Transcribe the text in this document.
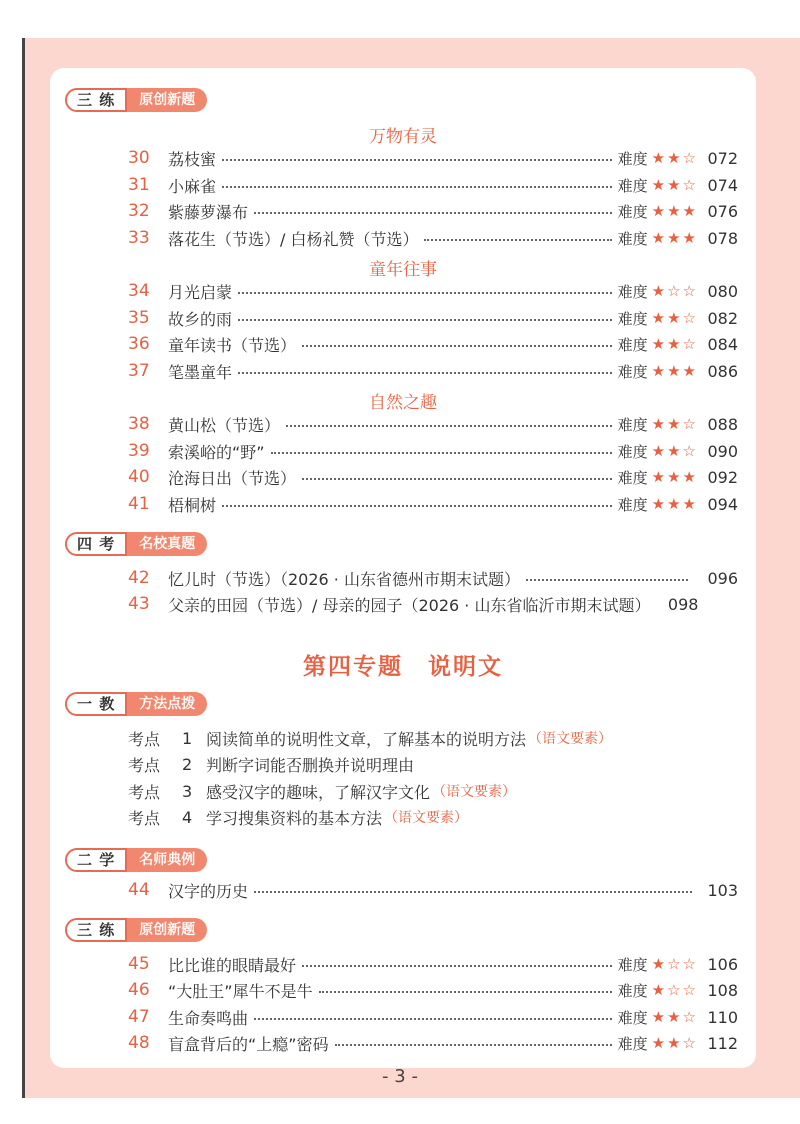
三 练	原创新题
万物有灵
30	荔枝蜜	难度 ★★☆ 072
31	小麻雀	难度 ★★☆ 074
32	紫藤萝瀑布	难度 ★★★ 076
33	落花生（节选）/ 白杨礼赞（节选）	难度 ★★★ 078
34	月光启蒙	难度 ★☆☆ 080
35	故乡的雨	难度 ★★☆ 082
36	童年读书（节选）	难度 ★★☆ 084
37	笔墨童年	难度 ★★★ 086
38	黄山松（节选）	难度 ★★☆ 088
39	索溪峪的“野”	难度 ★★☆ 090
40	沧海日出（节选）	难度 ★★★ 092
41	梧桐树	难度 ★★★ 094
童年往事
自然之趣
四 考	名校真题
42	忆儿时（节选）（2026 · 山东省德州市期末试题）	096
43	父亲的田园（节选）/ 母亲的园子（2026 · 山东省临沂市期末试题）	098
第四专题　说明文
一 教	方法点拨
考点	1 阅读简单的说明性文章，了解基本的说明方法 （语文要素）
考点	2 判断字词能否删换并说明理由
考点	3 感受汉字的趣味，了解汉字文化 （语文要素）
考点	4 学习搜集资料的基本方法 （语文要素）
二 学	名师典例
44	汉字的历史	103
三 练	原创新题
45	比比谁的眼睛最好	难度 ★☆☆ 106
46	“大肚王”犀牛不是牛	难度 ★☆☆ 108
47	生命奏鸣曲	难度 ★★☆ 110
48	盲盒背后的“上瘾”密码	难度 ★★☆ 112
- 3 -
